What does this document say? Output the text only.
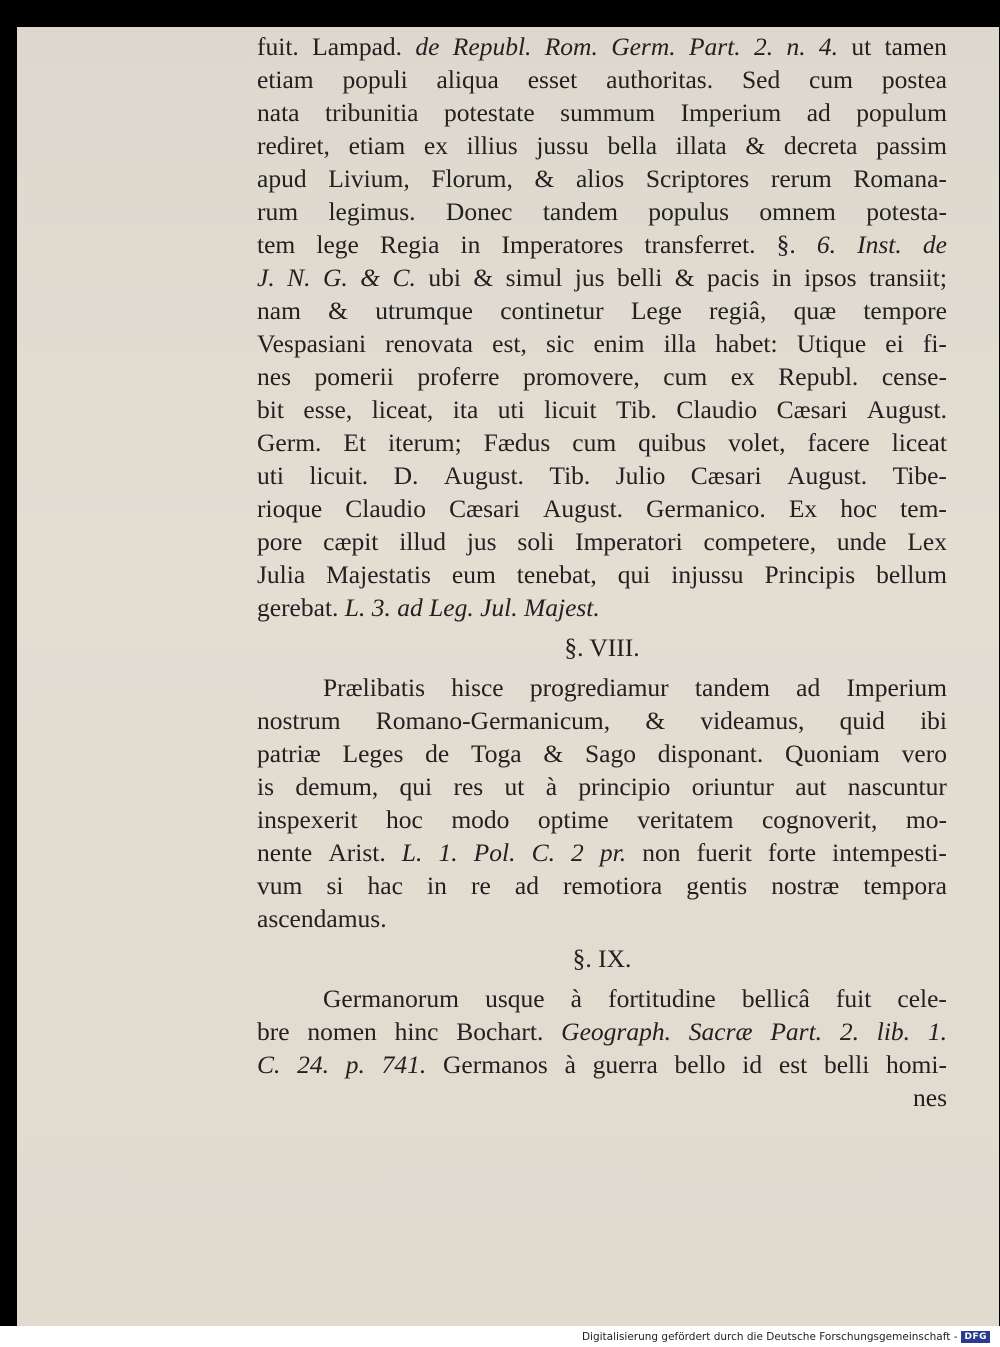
fuit. Lampad. de Republ. Rom. Germ. Part. 2. n. 4. ut tamen
etiam populi aliqua esset authoritas. Sed cum postea
nata tribunitia potestate summum Imperium ad populum
rediret, etiam ex illius jussu bella illata & decreta passim
apud Livium, Florum, & alios Scriptores rerum Romana-
rum legimus. Donec tandem populus omnem potesta-
tem lege Regia in Imperatores transferret. §. 6. Inst. de
J. N. G. & C. ubi & simul jus belli & pacis in ipsos transiit;
nam & utrumque continetur Lege regiâ, quæ tempore
Vespasiani renovata est, sic enim illa habet: Utique ei fi-
nes pomerii proferre promovere, cum ex Republ. cense-
bit esse, liceat, ita uti licuit Tib. Claudio Cæsari August.
Germ. Et iterum; Fædus cum quibus volet, facere liceat
uti licuit. D. August. Tib. Julio Cæsari August. Tibe-
rioque Claudio Cæsari August. Germanico. Ex hoc tem-
pore cæpit illud jus soli Imperatori competere, unde Lex
Julia Majestatis eum tenebat, qui injussu Principis bellum
gerebat. L. 3. ad Leg. Jul. Majest.
§. VIII.
Prælibatis hisce progrediamur tandem ad Imperium
nostrum Romano-Germanicum, & videamus, quid ibi
patriæ Leges de Toga & Sago disponant. Quoniam vero
is demum, qui res ut à principio oriuntur aut nascuntur
inspexerit hoc modo optime veritatem cognoverit, mo-
nente Arist. L. 1. Pol. C. 2 pr. non fuerit forte intempesti-
vum si hac in re ad remotiora gentis nostræ tempora
ascendamus.
§. IX.
Germanorum usque à fortitudine bellicâ fuit cele-
bre nomen hinc Bochart. Geograph. Sacræ Part. 2. lib. 1.
C. 24. p. 741. Germanos à guerra bello id est belli homi-
nes
Digitalisierung gefördert durch die Deutsche Forschungsgemeinschaft - DFG
